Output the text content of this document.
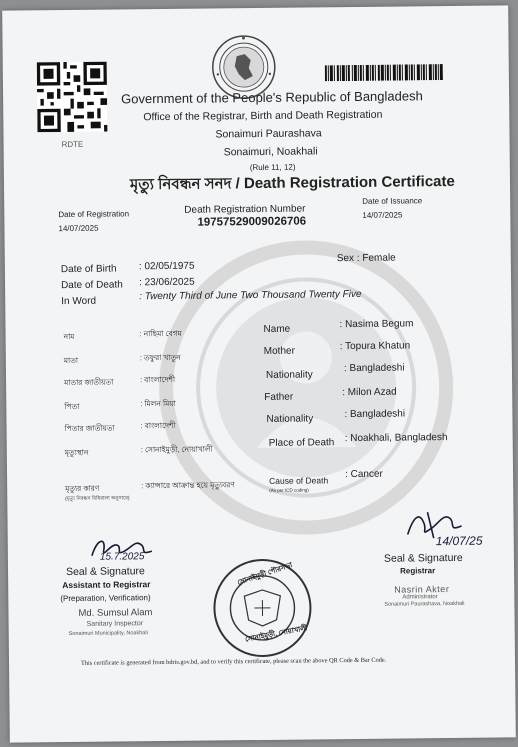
RDTE
Government of the People's Republic of Bangladesh
Office of the Registrar, Birth and Death Registration
Sonaimuri Paurashava
Sonaimuri, Noakhali
(Rule 11, 12)
মৃত্যু নিবন্ধন সনদ / Death Registration Certificate
Date of Registration
14/07/2025
Death Registration Number
19757529009026706
Date of Issuance
14/07/2025
Date of Birth : 02/05/1975
Date of Death : 23/06/2025
In Word	: Twenty Third of June Two Thousand Twenty Five
Sex : Female
নাম	: নাছিমা বেগম
মাতা	: তফুরা খাতুন
মাতার জাতীয়তা	: বাংলাদেশী
পিতা	: মিলন মিয়া
পিতার জাতীয়তা	: বাংলাদেশী
মৃত্যুস্থান	: সোনাইমুড়ী, নোয়াখালী
মৃত্যুর কারণ
(মৃত্যু নিবন্ধন বিধিমালা অনুসারে)
: ক্যান্সারে আক্রান্ত হয়ে মৃত্যুবরণ
Name	: Nasima Begum
Mother	: Topura Khatun
Nationality
: Bangladeshi
Father	: Milon Azad
Nationality	: Bangladeshi
Place of Death : Noakhali, Bangladesh
Cause of Death
(As per ICD coding)
: Cancer
15.7.2025
Seal & Signature
Assistant to Registrar
(Preparation, Verification)
Md. Sumsul Alam
Sanitary Inspector
Sonaimuri Municipality, Noakhali
সোনাইমুড়ী পৌরসভা
সোনাইমুড়ী, নোয়াখালী
14/07/25
Seal & Signature
Registrar
Nasrin Akter
Administrator
Sonaimuri Paurashava, Noakhali
This certificate is generated from bdris.gov.bd, and to verify this certificate, please scan the above QR Code & Bar Code.
